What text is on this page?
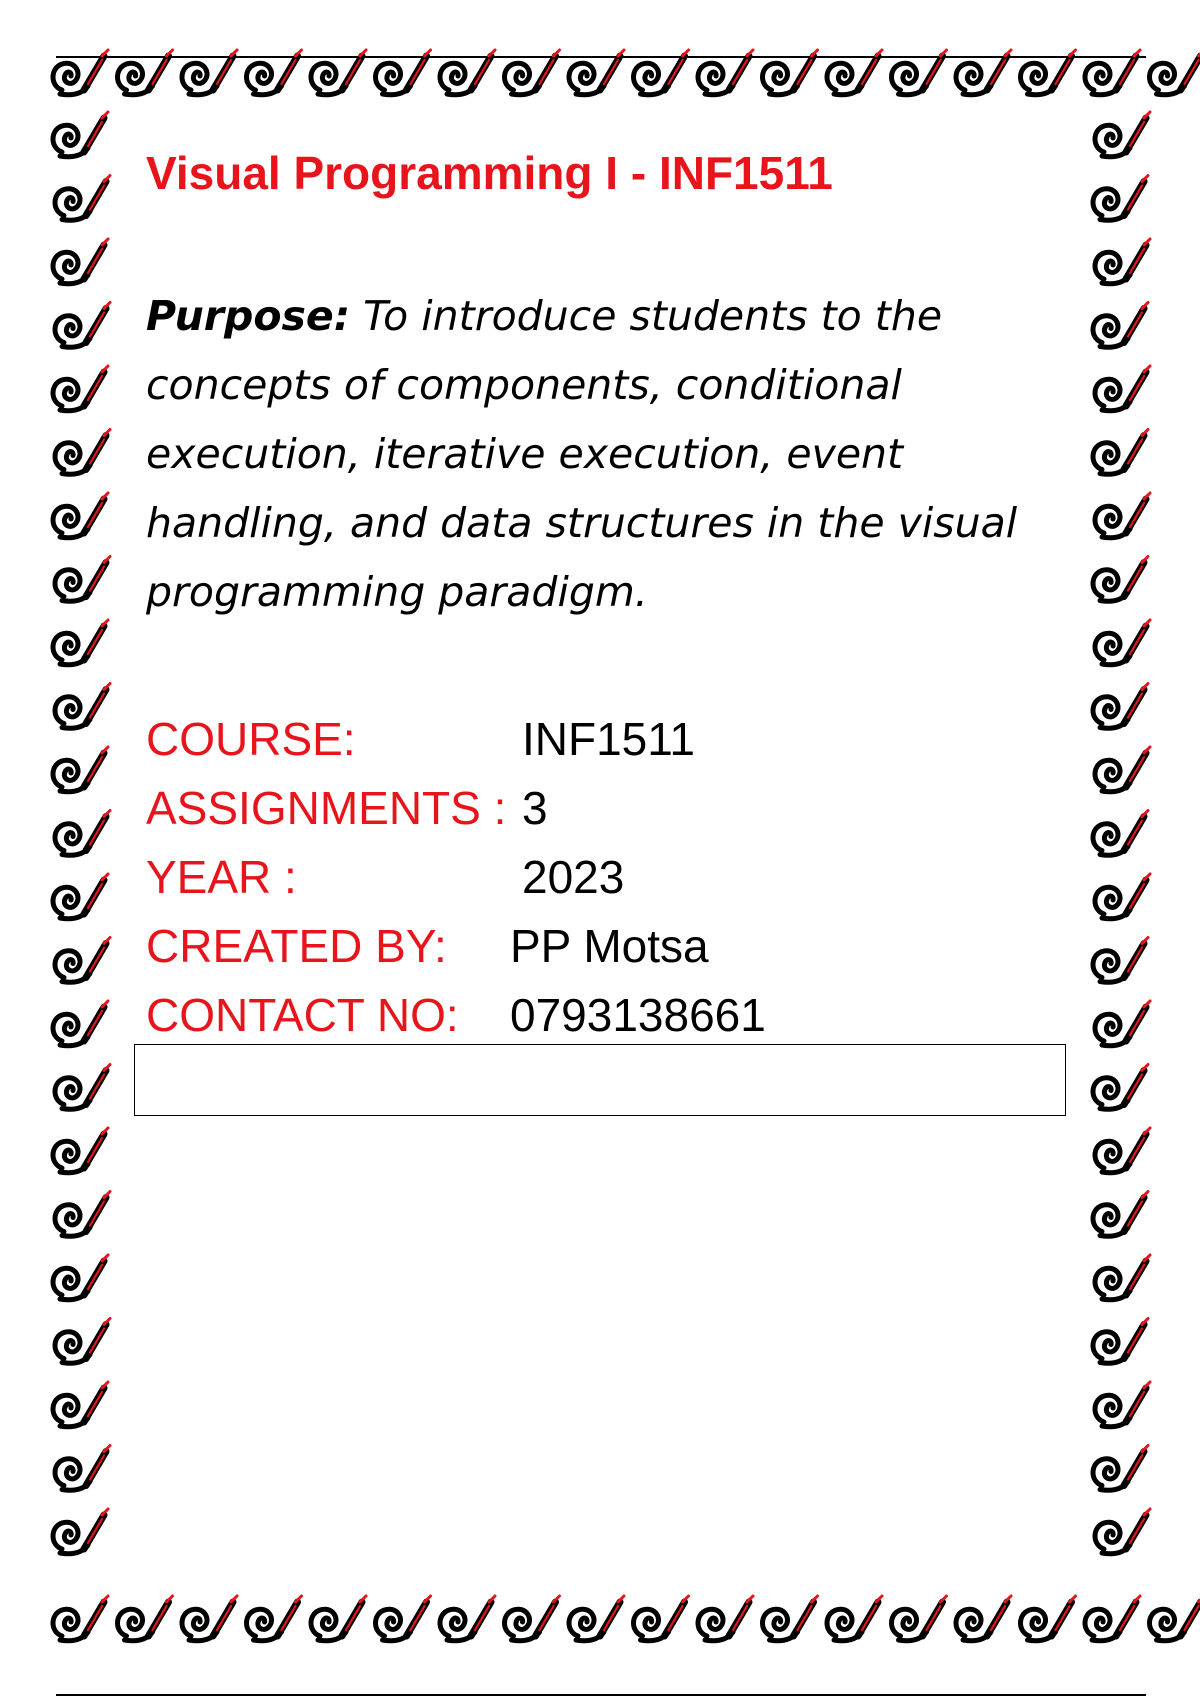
Visual Programming I - INF1511

Purpose: To introduce students to the concepts of components, conditional execution, iterative execution, event handling, and data structures in the visual programming paradigm.

COURSE:	INF1511
ASSIGNMENTS : 3
YEAR :	2023
CREATED BY: PP Motsa
CONTACT NO: 0793138661
